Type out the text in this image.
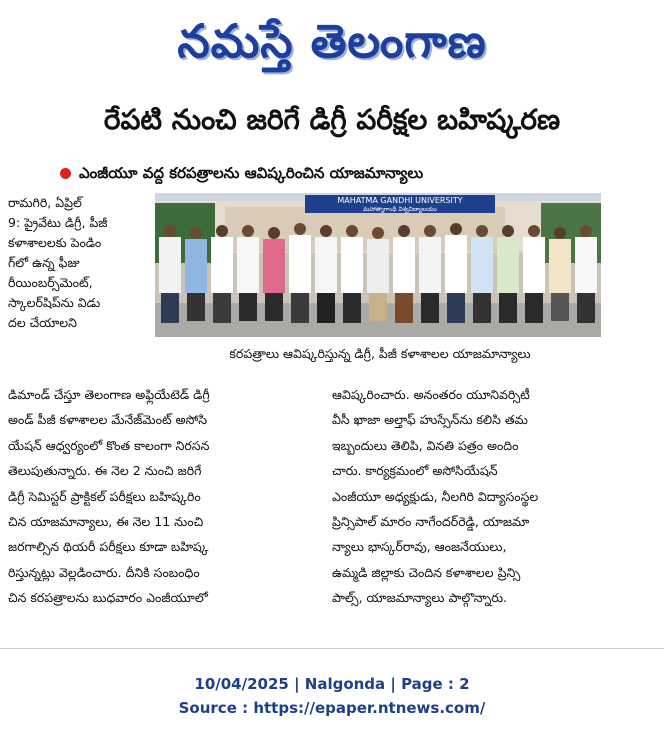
నమస్తే తెలంగాణ
రేపటి నుంచి జరిగే డిగ్రీ పరీక్షల బహిష్కరణ
ఎంజీయూ వద్ద కరపత్రాలను ఆవిష్కరించిన యాజమాన్యాలు

రామగిరి, ఏప్రిల్

9: ప్రైవేటు డిగ్రీ, పీజీ

కళాశాలలకు పెండిం

గ్‌లో ఉన్న ఫీజు

రీయింబర్స్‌మెంట్,

స్కాలర్‌షిప్‌ను విడు

దల చేయాలని

MAHATMA GANDHI UNIVERSITY
మహాత్మాగాంధీ విశ్వవిద్యాలయం
కరపత్రాలు ఆవిష్కరిస్తున్న డిగ్రీ, పీజీ కళాశాలల యాజమాన్యాలు

డిమాండ్ చేస్తూ తెలంగాణ అఫ్లియేటెడ్ డిగ్రీ

అండ్ పీజీ కళాశాలల మేనేజ్‌మెంట్ అసోసి

యేషన్ ఆధ్వర్యంలో కొంత కాలంగా నిరసన

తెలుపుతున్నారు. ఈ నెల 2 నుంచి జరిగే

డిగ్రీ సెమిస్టర్ ప్రాక్టికల్ పరీక్షలు బహిష్కరిం

చిన యాజమాన్యాలు, ఈ నెల 11 నుంచి

జరగాల్సిన థియరీ పరీక్షలు కూడా బహిష్క

రిస్తున్నట్లు వెల్లడించారు. దీనికి సంబంధిం

చిన కరపత్రాలను బుధవారం ఎంజీయూలో

ఆవిష్కరించారు. అనంతరం యూనివర్సిటీ

వీసీ ఖాజా అల్తాఫ్ హుస్సేన్‌ను కలిసి తమ

ఇబ్బందులు తెలిపి, వినతి పత్రం అందిం

చారు. కార్యక్రమంలో అసోసియేషన్

ఎంజీయూ అధ్యక్షుడు, నీలగిరి విద్యాసంస్థల

ప్రిన్సిపాల్ మారం నాగేందర్‌రెడ్డి, యాజమా

న్యాలు భాస్కర్‌రావు, ఆంజనేయులు,

ఉమ్మడి జిల్లాకు చెందిన కళాశాలల ప్రిన్సి

పాల్స్, యాజమాన్యాలు పాల్గొన్నారు.

10/04/2025 | Nalgonda | Page : 2
Source : https://epaper.ntnews.com/
